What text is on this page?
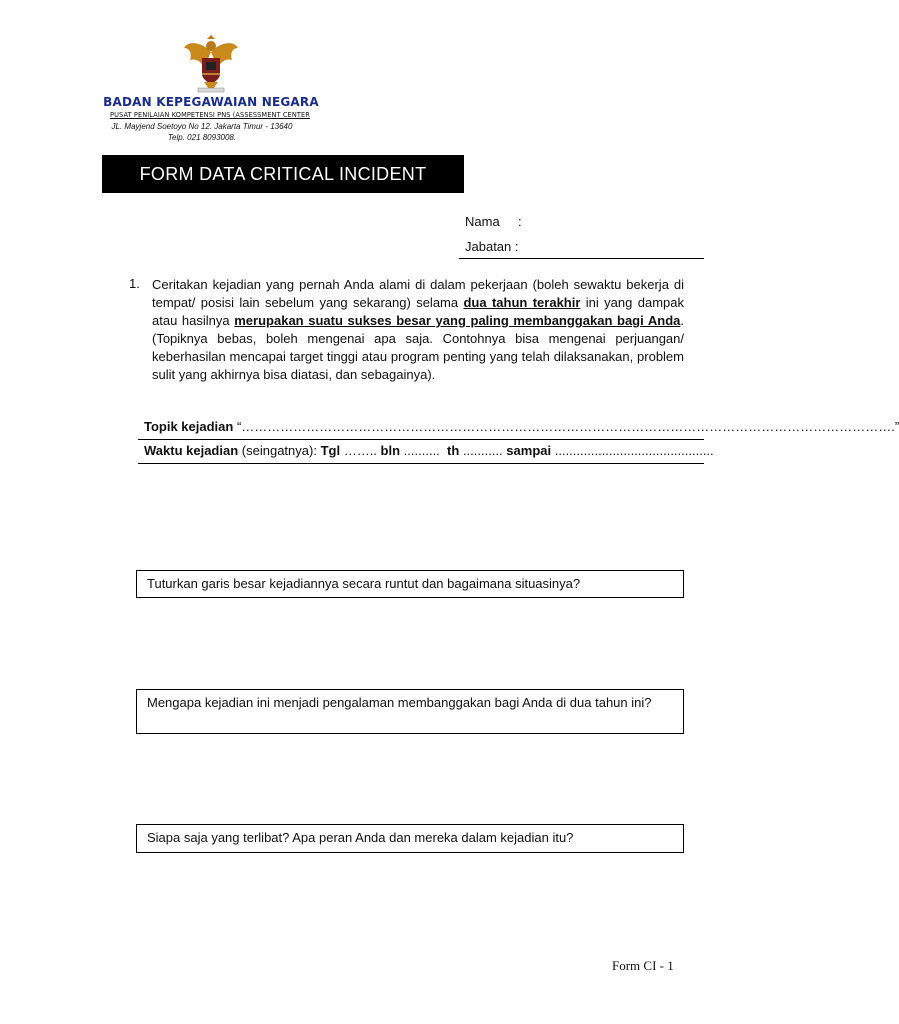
BADAN KEPEGAWAIAN NEGARA
PUSAT PENILAIAN KOMPETENSI PNS (ASSESSMENT CENTER
JL. Mayjend Soetoyo No 12. Jakarta Timur - 13640
Telp. 021 8093008.
FORM DATA CRITICAL INCIDENT
Nama :
Jabatan :
1. Ceritakan kejadian yang pernah Anda alami di dalam pekerjaan (boleh sewaktu bekerja di tempat/ posisi lain sebelum yang sekarang) selama dua tahun terakhir ini yang dampak atau hasilnya merupakan suatu sukses besar yang paling membanggakan bagi Anda. (Topiknya bebas, boleh mengenai apa saja. Contohnya bisa mengenai perjuangan/ keberhasilan mencapai target tinggi atau program penting yang telah dilaksanakan, problem sulit yang akhirnya bisa diatasi, dan sebagainya).
Topik kejadian “…………………………………………………………………………………………………………………………………….”
Waktu kejadian (seingatnya): Tgl …….. bln .......... th ........... sampai ............................................
Tuturkan garis besar kejadiannya secara runtut dan bagaimana situasinya?
Mengapa kejadian ini menjadi pengalaman membanggakan bagi Anda di dua tahun ini?
Siapa saja yang terlibat? Apa peran Anda dan mereka dalam kejadian itu?
Form CI - 1
